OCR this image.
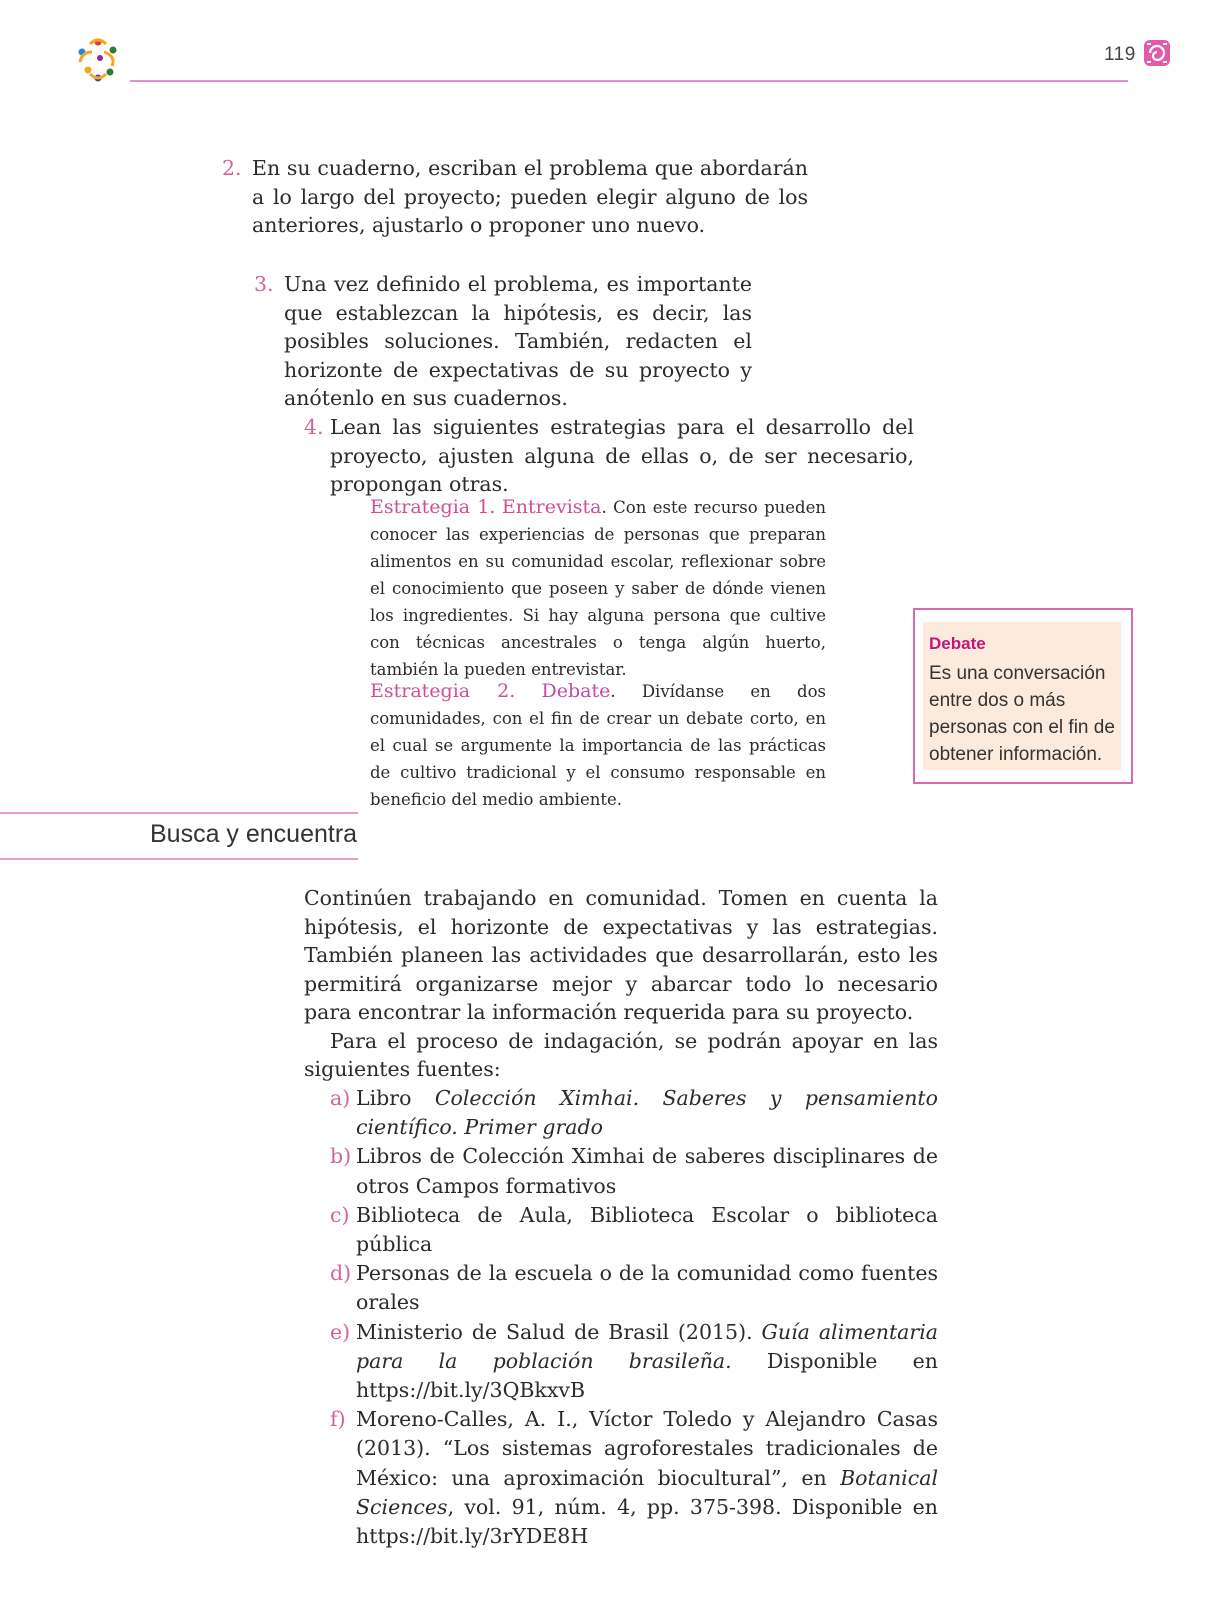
119
2. En su cuaderno, escriban el problema que abordarán a lo largo del proyecto; pueden elegir alguno de los anteriores, ajustarlo o proponer uno nuevo.

3. Una vez definido el problema, es importante que establezcan la hipótesis, es decir, las posibles soluciones. También, redacten el horizonte de expectativas de su proyecto y anótenlo en sus cuadernos.

4. Lean las siguientes estrategias para el desarrollo del proyecto, ajusten alguna de ellas o, de ser necesario, propongan otras.

Estrategia 1. Entrevista. Con este recurso pueden conocer las experiencias de personas que preparan alimentos en su comunidad escolar, reflexionar sobre el conocimiento que poseen y saber de dónde vienen los ingredientes. Si hay alguna persona que cultive con técnicas ancestrales o tenga algún huerto, también la pueden entrevistar.
Estrategia 2. Debate. Divídanse en dos comunidades, con el fin de crear un debate corto, en el cual se argumente la importancia de las prácticas de cultivo tradicional y el consumo responsable en beneficio del medio ambiente.
Debate
Es una conversación entre dos o más personas con el fin de obtener información.
Busca y encuentra

Continúen trabajando en comunidad. Tomen en cuenta la hipótesis, el horizonte de expectativas y las estrategias. También planeen las actividades que desarrollarán, esto les permitirá organizarse mejor y abarcar todo lo necesario para encontrar la información requerida para su proyecto.

Para el proceso de indagación, se podrán apoyar en las siguientes fuentes:

a) Libro Colección Ximhai. Saberes y pensamiento científico. Primer grado
b) Libros de Colección Ximhai de saberes disciplinares de otros Campos formativos
c) Biblioteca de Aula, Biblioteca Escolar o biblioteca pública
d) Personas de la escuela o de la comunidad como fuentes orales
e) Ministerio de Salud de Brasil (2015). Guía alimentaria para la población brasileña. Disponible en https://bit.ly/3QBkxvB
f) Moreno-Calles, A. I., Víctor Toledo y Alejandro Casas (2013). “Los sistemas agroforestales tradicionales de México: una aproximación biocultural”, en Botanical Sciences, vol. 91, núm. 4, pp. 375-398. Disponible en https://bit.ly/3rYDE8H
